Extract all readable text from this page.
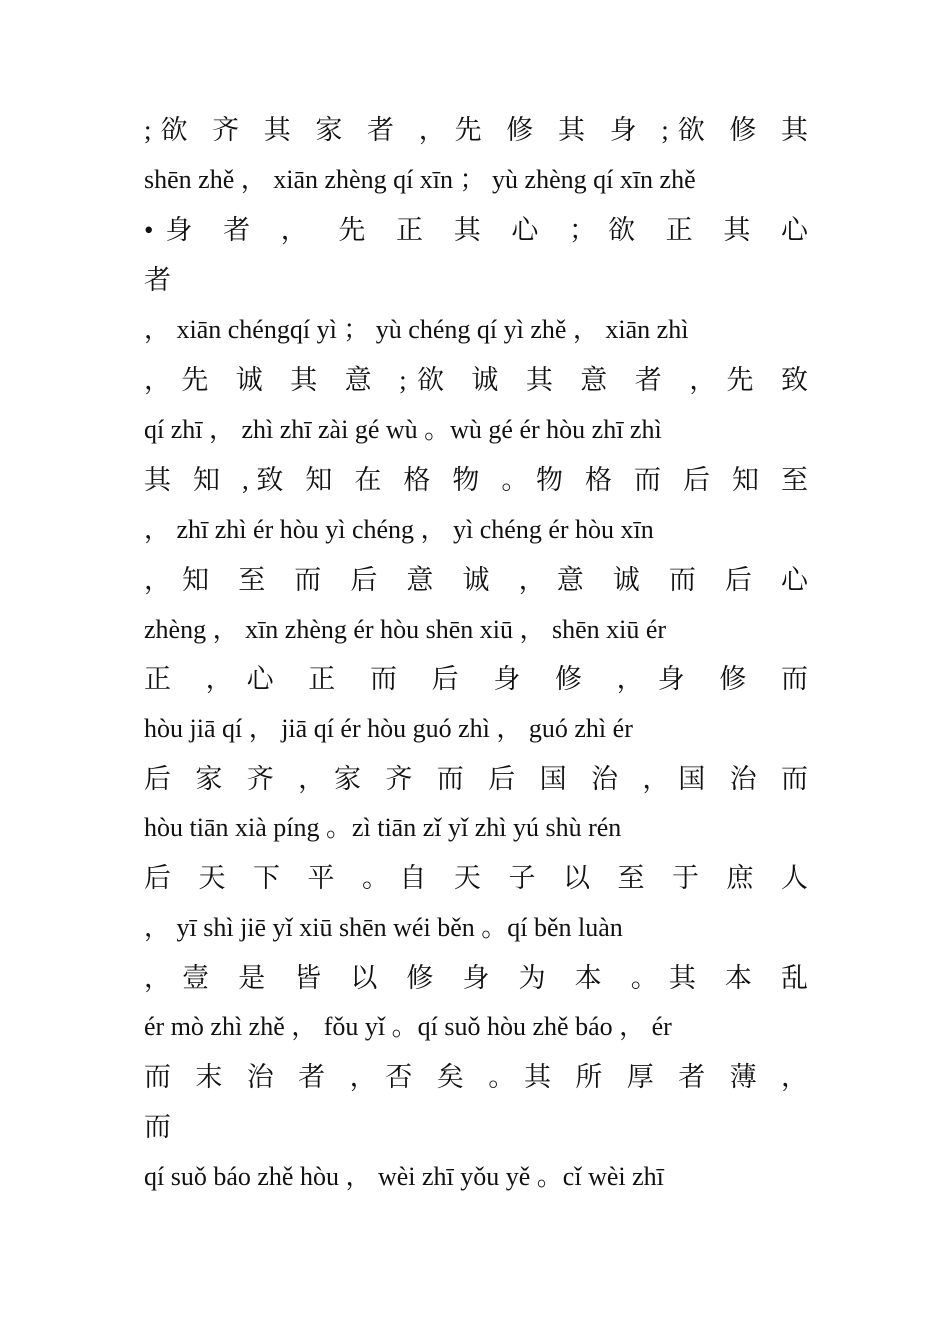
;欲 齐 其 家 者 ，先 修 其 身 ;欲 修 其
shēn zhě ， xiān zhèng qí xīn ； yù zhèng qí xīn zhě
•身 者 ， 先 正 其 心 ；欲 正 其 心
者
， xiān chéngqí yì ； yù chéng qí yì zhě ， xiān zhì
，先 诚 其 意 ;欲 诚 其 意 者 ，先 致
qí zhī ， zhì zhī zài gé wù 。wù gé ér hòu zhī zhì
其 知 ,致 知 在 格 物 。物 格 而 后 知 至
， zhī zhì ér hòu yì chéng ， yì chéng ér hòu xīn
，知 至 而 后 意 诚 ，意 诚 而 后 心
zhèng ， xīn zhèng ér hòu shēn xiū ， shēn xiū ér
正 ，心 正 而 后 身 修 ，身 修 而
hòu jiā qí ， jiā qí ér hòu guó zhì ， guó zhì ér
后 家 齐 ，家 齐 而 后 国 治 ，国 治 而
hòu tiān xià píng 。zì tiān zǐ yǐ zhì yú shù rén
后 天 下 平 。自 天 子 以 至 于 庶 人
， yī shì jiē yǐ xiū shēn wéi běn 。qí běn luàn
，壹 是 皆 以 修 身 为 本 。其 本 乱
ér mò zhì zhě ， fǒu yǐ 。qí suǒ hòu zhě báo ， ér
而 末 治 者 ，否 矣 。其 所 厚 者 薄 ，
而
qí suǒ báo zhě hòu ， wèi zhī yǒu yě 。cǐ wèi zhī
